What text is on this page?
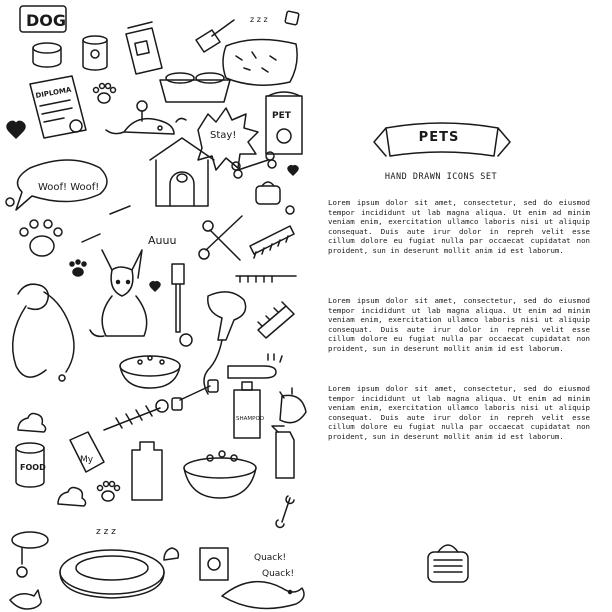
DOG	z z z
DIPLOMA
Stay!
PET
Woof! Woof!
Auuu
SHAMPOO
My
FOOD
z z z
Quack!
Quack!
PETS
HAND DRAWN ICONS SET

Lorem ipsum dolor sit amet, consectetur, sed do eiusmod tempor incididunt ut lab magna aliqua. Ut enim ad minim veniam enim, exercitation ullamco laboris nisi ut aliquip consequat. Duis aute irur dolor in repreh velit esse cillum dolore eu fugiat nulla par occaecat cupidatat non proident, sun in deserunt mollit anim id est laborum.

Lorem ipsum dolor sit amet, consectetur, sed do eiusmod tempor incididunt ut lab magna aliqua. Ut enim ad minim veniam enim, exercitation ullamco laboris nisi ut aliquip consequat. Duis aute irur dolor in repreh velit esse cillum dolore eu fugiat nulla par occaecat cupidatat non proident, sun in deserunt mollit anim id est laborum.

Lorem ipsum dolor sit amet, consectetur, sed do eiusmod tempor incididunt ut lab magna aliqua. Ut enim ad minim veniam enim, exercitation ullamco laboris nisi ut aliquip consequat. Duis aute irur dolor in repreh velit esse cillum dolore eu fugiat nulla par occaecat cupidatat non proident, sun in deserunt mollit anim id est laborum.
